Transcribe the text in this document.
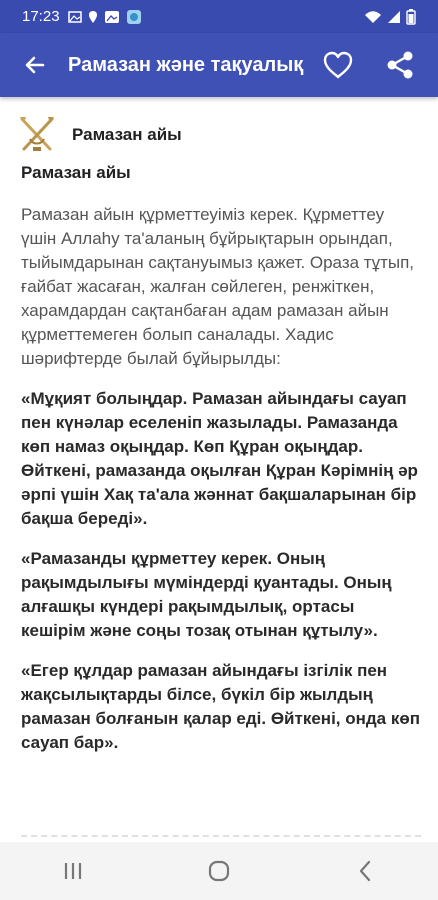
17:23
Рамазан және тақуалық
Рамазан айы
Рамазан айы

Рамазан айын құрметтеуіміз керек. Құрметтеу үшін Аллаһу та'аланың бұйрықтарын орындап, тыйымдарынан сақтануымыз қажет. Ораза тұтып, ғайбат жасаған, жалған сөйлеген, ренжіткен, харамдардан сақтанбаған адам рамазан айын құрметтемеген болып саналады. Хадис шәрифтерде былай бұйырылды:

«Мұқият болыңдар. Рамазан айындағы сауап пен күнәлар еселеніп жазылады. Рамазанда көп намаз оқыңдар. Көп Құран оқыңдар. Өйткені, рамазанда оқылған Құран Кәрімнің әр әрпі үшін Хақ та'ала жәннат бақшаларынан бір бақша береді».

«Рамазанды құрметтеу керек. Оның рақымдылығы мүміндерді қуантады. Оның алғашқы күндері рақымдылық, ортасы кешірім және соңы тозақ отынан құтылу».

«Егер құлдар рамазан айындағы ізгілік пен жақсылықтарды білсе, бүкіл бір жылдың рамазан болғанын қалар еді. Өйткені, онда көп сауап бар».
